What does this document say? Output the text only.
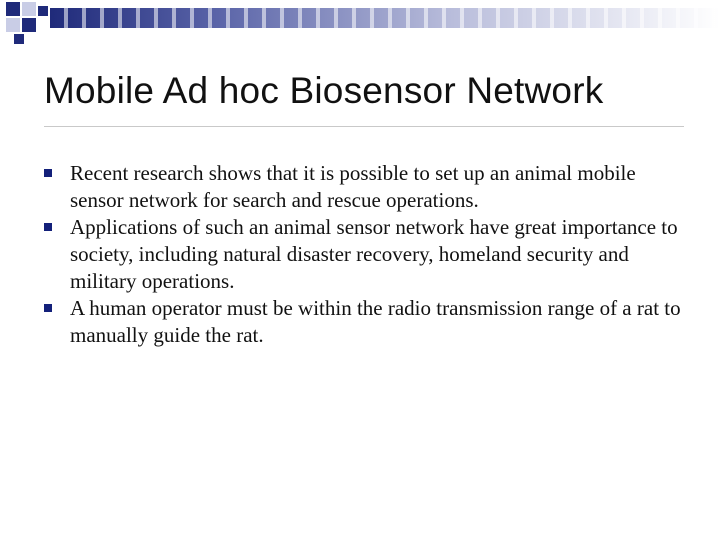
Mobile Ad hoc Biosensor Network
Recent research shows that it is possible to set up an animal mobile sensor network for search and rescue operations.
Applications of such an animal sensor network have great importance to society, including natural disaster recovery, homeland security and military operations.
A human operator must be within the radio transmission range of a rat to manually guide the rat.
